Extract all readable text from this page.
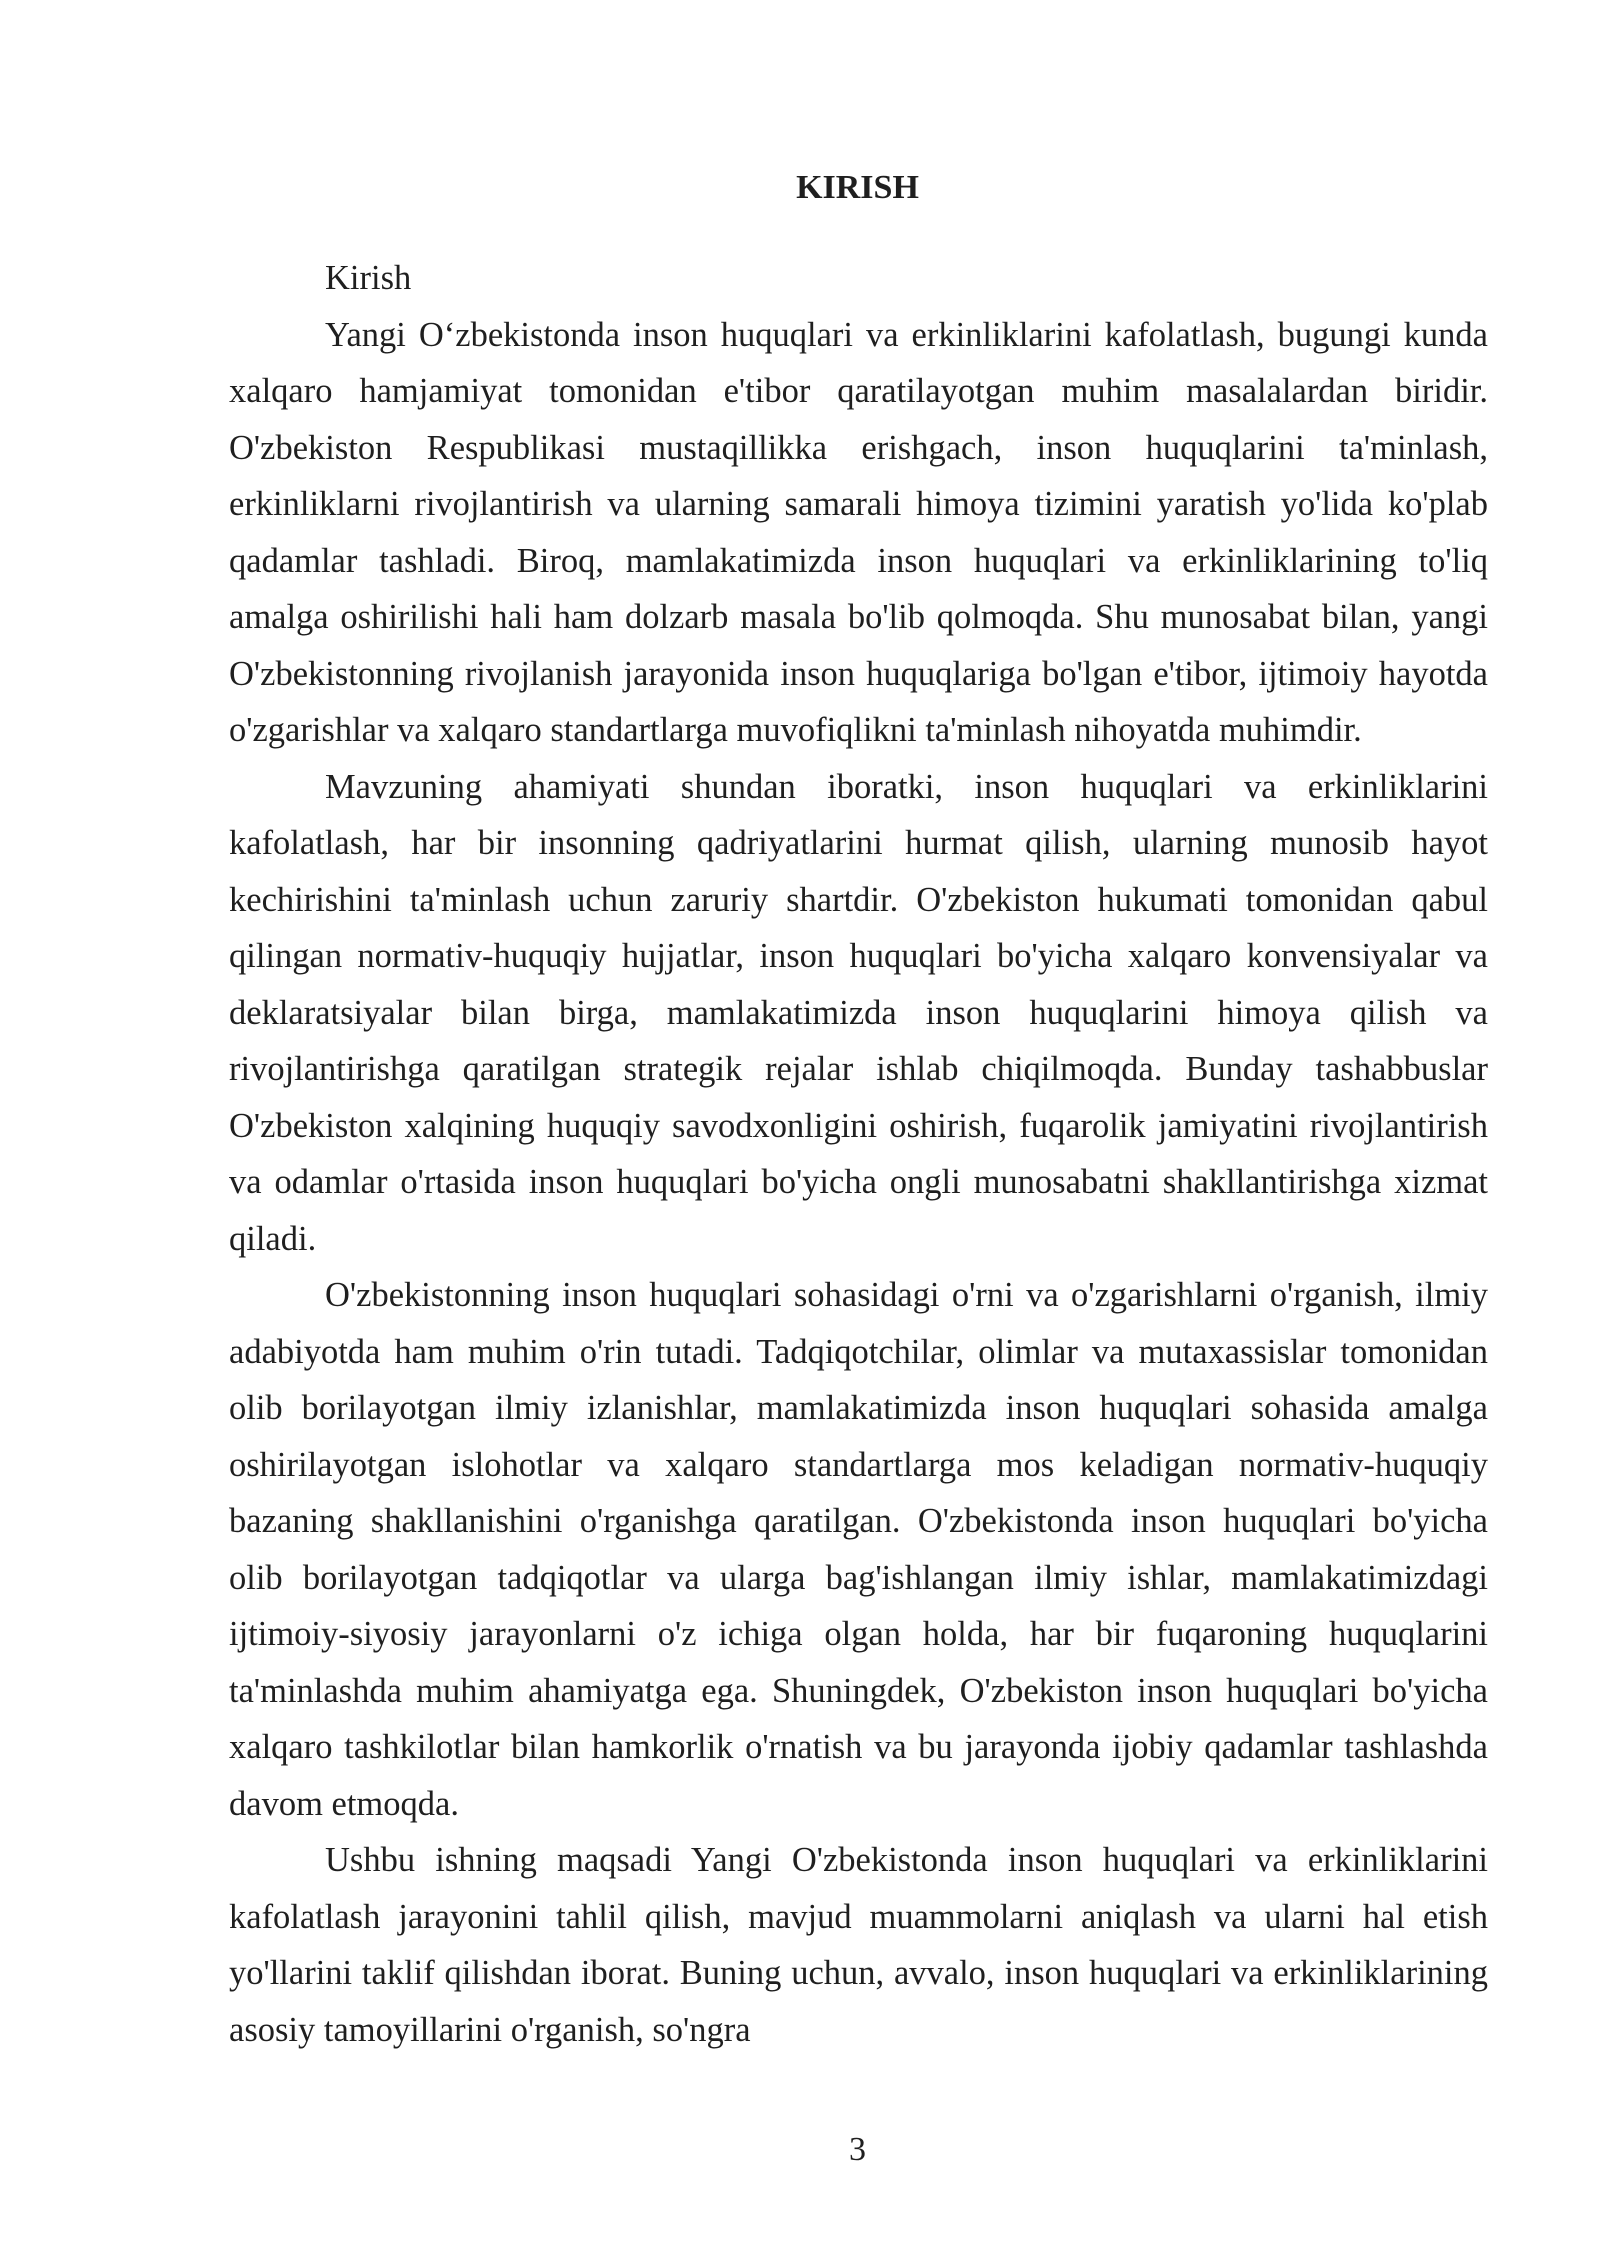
KIRISH

Kirish

Yangi O‘zbekistonda inson huquqlari va erkinliklarini kafolatlash, bugungi kunda xalqaro hamjamiyat tomonidan e'tibor qaratilayotgan muhim masalalardan biridir. O'zbekiston Respublikasi mustaqillikka erishgach, inson huquqlarini ta'minlash, erkinliklarni rivojlantirish va ularning samarali himoya tizimini yaratish yo'lida ko'plab qadamlar tashladi. Biroq, mamlakatimizda inson huquqlari va erkinliklarining to'liq amalga oshirilishi hali ham dolzarb masala bo'lib qolmoqda. Shu munosabat bilan, yangi O'zbekistonning rivojlanish jarayonida inson huquqlariga bo'lgan e'tibor, ijtimoiy hayotda o'zgarishlar va xalqaro standartlarga muvofiqlikni ta'minlash nihoyatda muhimdir.

Mavzuning ahamiyati shundan iboratki, inson huquqlari va erkinliklarini kafolatlash, har bir insonning qadriyatlarini hurmat qilish, ularning munosib hayot kechirishini ta'minlash uchun zaruriy shartdir. O'zbekiston hukumati tomonidan qabul qilingan normativ-huquqiy hujjatlar, inson huquqlari bo'yicha xalqaro konvensiyalar va deklaratsiyalar bilan birga, mamlakatimizda inson huquqlarini himoya qilish va rivojlantirishga qaratilgan strategik rejalar ishlab chiqilmoqda. Bunday tashabbuslar O'zbekiston xalqining huquqiy savodxonligini oshirish, fuqarolik jamiyatini rivojlantirish va odamlar o'rtasida inson huquqlari bo'yicha ongli munosabatni shakllantirishga xizmat qiladi.

O'zbekistonning inson huquqlari sohasidagi o'rni va o'zgarishlarni o'rganish, ilmiy adabiyotda ham muhim o'rin tutadi. Tadqiqotchilar, olimlar va mutaxassislar tomonidan olib borilayotgan ilmiy izlanishlar, mamlakatimizda inson huquqlari sohasida amalga oshirilayotgan islohotlar va xalqaro standartlarga mos keladigan normativ-huquqiy bazaning shakllanishini o'rganishga qaratilgan. O'zbekistonda inson huquqlari bo'yicha olib borilayotgan tadqiqotlar va ularga bag'ishlangan ilmiy ishlar, mamlakatimizdagi ijtimoiy-siyosiy jarayonlarni o'z ichiga olgan holda, har bir fuqaroning huquqlarini ta'minlashda muhim ahamiyatga ega. Shuningdek, O'zbekiston inson huquqlari bo'yicha xalqaro tashkilotlar bilan hamkorlik o'rnatish va bu jarayonda ijobiy qadamlar tashlashda davom etmoqda.

Ushbu ishning maqsadi Yangi O'zbekistonda inson huquqlari va erkinliklarini kafolatlash jarayonini tahlil qilish, mavjud muammolarni aniqlash va ularni hal etish yo'llarini taklif qilishdan iborat. Buning uchun, avvalo, inson huquqlari va erkinliklarining asosiy tamoyillarini o'rganish, so'ngra

3
